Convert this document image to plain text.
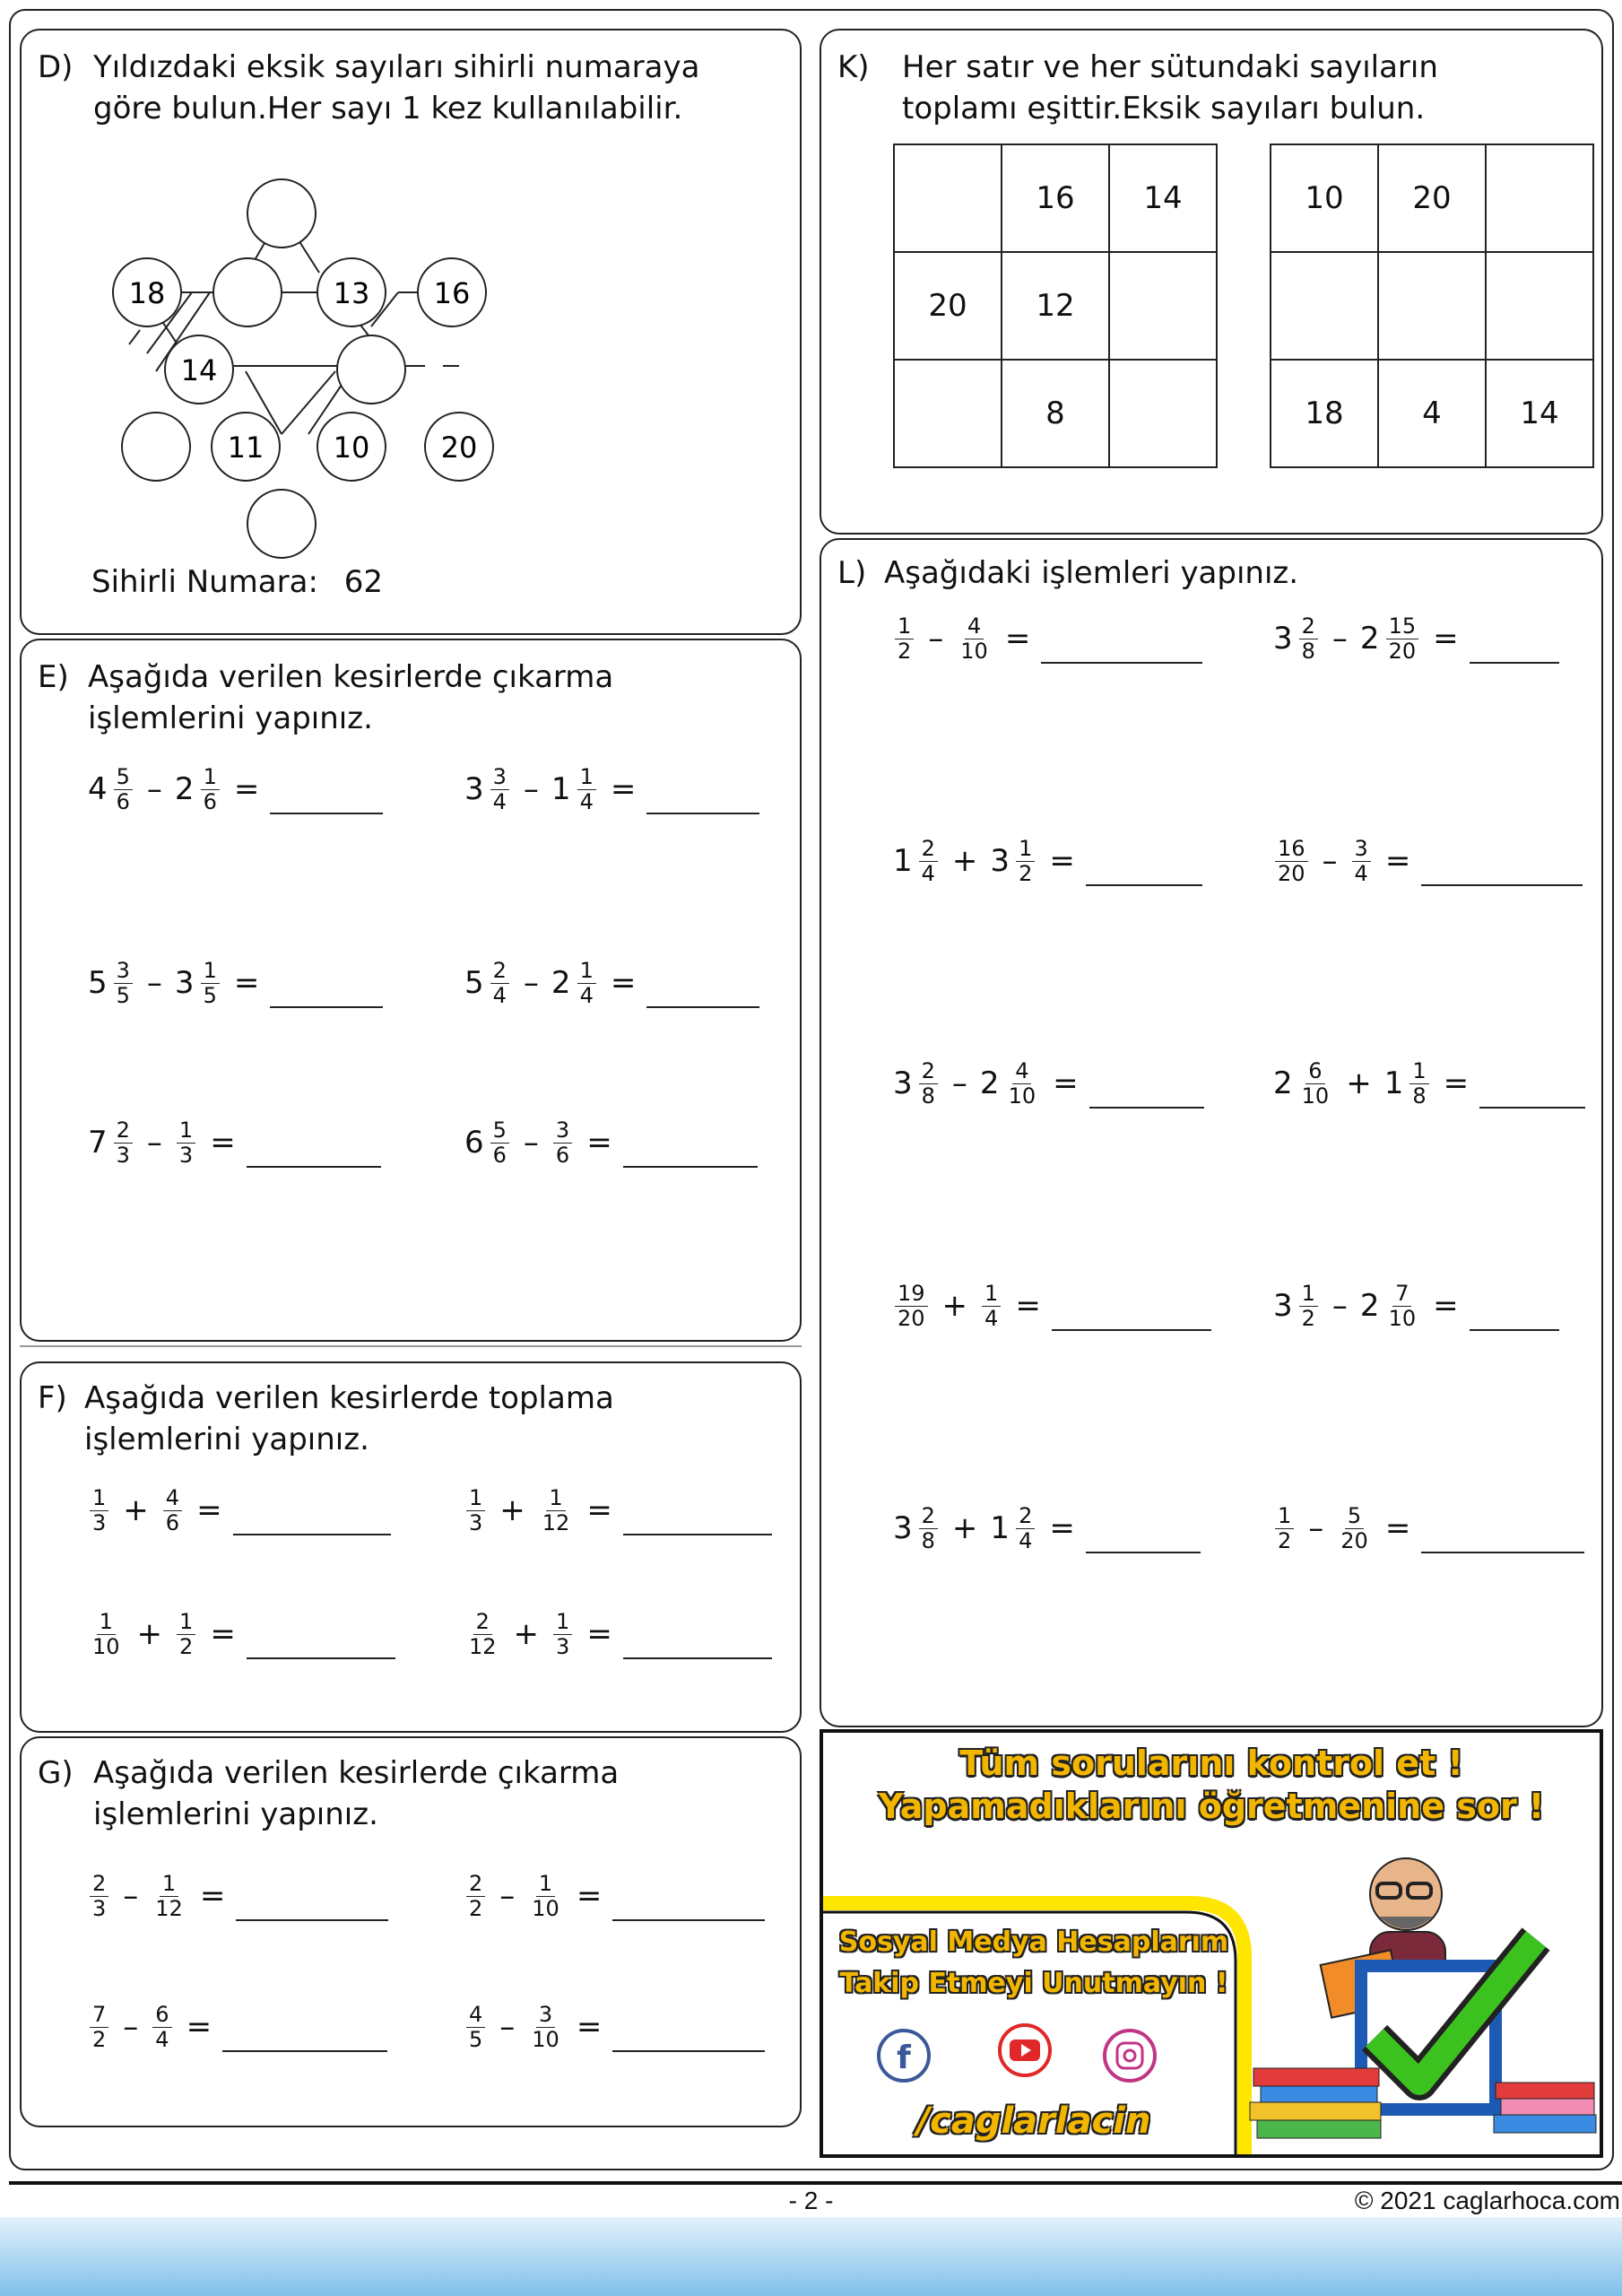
D) Yıldızdaki eksik sayıları sihirli numaraya göre bulun.Her sayı 1 kez kullanılabilir.
18	13 16
14
11 10 20
Sihirli Numara: 62
K) Her satır ve her sütundaki sayıların toplamı eşittir.Eksik sayıları bulun.
	16	14
20	12	
	8	
10	20	

18	4	14
E) Aşağıda verilen kesirlerde çıkarma işlemlerini yapınız.
$4 \frac{5}{6} - 2 \frac{1}{6}$ =	$3 \frac{3}{4} - 1 \frac{1}{4}$ =
$5 \frac{3}{5} - 3 \frac{1}{5}$ =	$5 \frac{2}{4} - 2 \frac{1}{4}$ =
$7 \frac{2}{3} - \frac{1}{3}$ =	$6 \frac{5}{6} - \frac{3}{6}$ =
F) Aşağıda verilen kesirlerde toplama işlemlerini yapınız.
$\frac{1}{3} + \frac{4}{6}$ =	$\frac{1}{3} + \frac{1}{12}$ =
$\frac{1}{10} + \frac{1}{2}$ =	$\frac{2}{12} + \frac{1}{3}$ =
G) Aşağıda verilen kesirlerde çıkarma işlemlerini yapınız.
$\frac{2}{3} - \frac{1}{12}$ =	$\frac{2}{2} - \frac{1}{10}$ =
$\frac{7}{2} - \frac{6}{4}$ =	$\frac{4}{5} - \frac{3}{10}$ =
L) Aşağıdaki işlemleri yapınız.
$\frac{1}{2} - \frac{4}{10}$ =	$3 \frac{2}{8} - 2 \frac{15}{20}$ =
$1 \frac{2}{4} + 3 \frac{1}{2}$ =	$\frac{16}{20} - \frac{3}{4}$ =
$3 \frac{2}{8} - 2 \frac{4}{10}$ =	$2 \frac{6}{10} + 1 \frac{1}{8}$ =
$\frac{19}{20} + \frac{1}{4}$ =	$3 \frac{1}{2} - 2 \frac{7}{10}$ =
$3 \frac{2}{8} + 1 \frac{2}{4}$ =	$\frac{1}{2} - \frac{5}{20}$ =
Tüm sorularını kontrol et !
Yapamadıklarını öğretmenine sor !
Sosyal Medya Hesaplarım
Takip Etmeyi Unutmayın !
f
/caglarlacin
- 2 -	© 2021 caglarhoca.com
